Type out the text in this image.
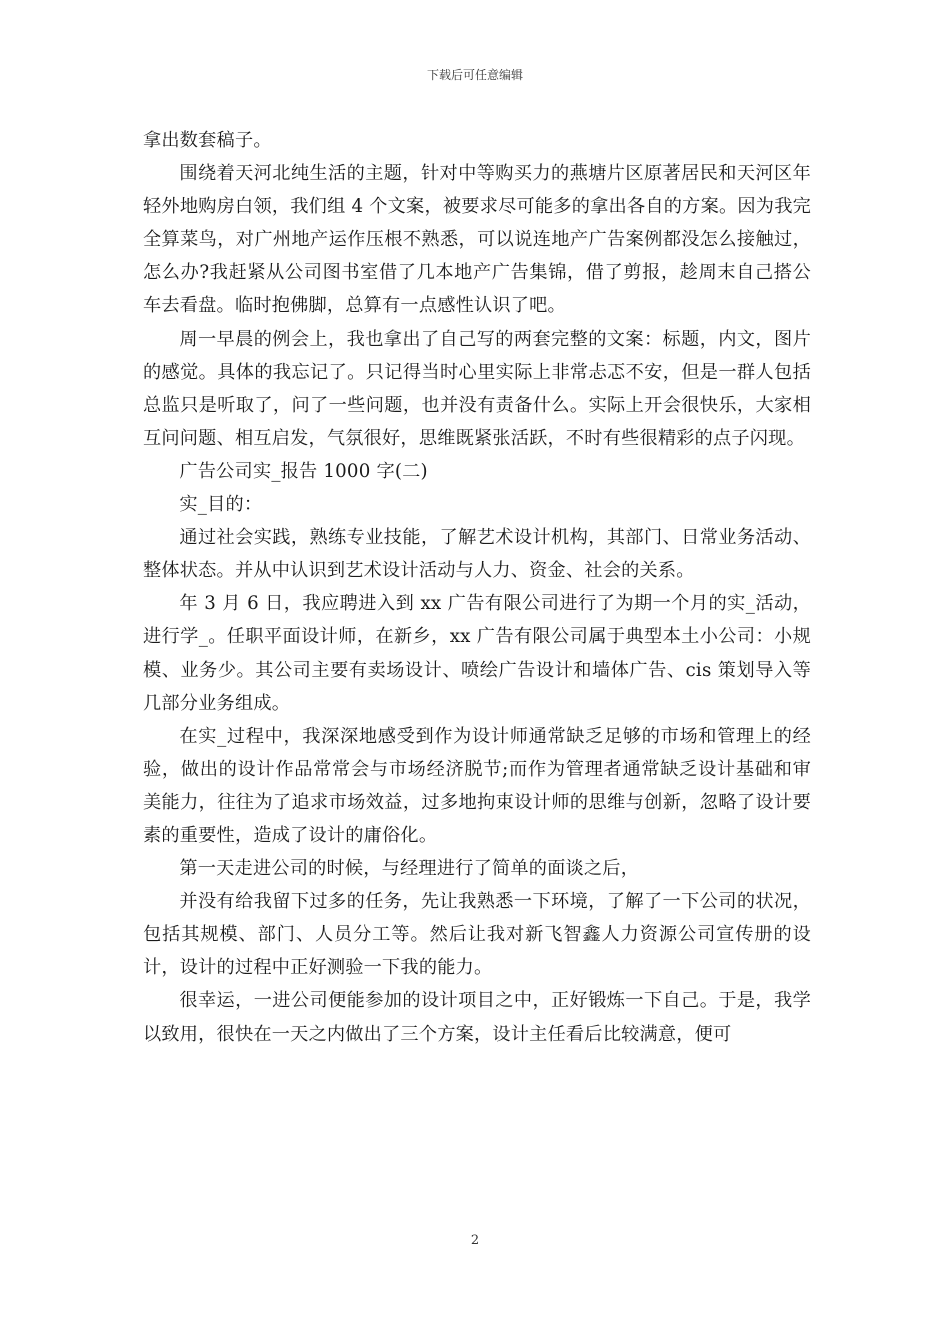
下载后可任意编辑

拿出数套稿子。

围绕着天河北纯生活的主题，针对中等购买力的燕塘片区原著居民和天河区年轻外地购房白领，我们组 4 个文案，被要求尽可能多的拿出各自的方案。因为我完全算菜鸟，对广州地产运作压根不熟悉，可以说连地产广告案例都没怎么接触过，怎么办?我赶紧从公司图书室借了几本地产广告集锦，借了剪报，趁周末自己搭公车去看盘。临时抱佛脚，总算有一点感性认识了吧。

周一早晨的例会上，我也拿出了自己写的两套完整的文案：标题，内文，图片的感觉。具体的我忘记了。只记得当时心里实际上非常忐忑不安，但是一群人包括总监只是听取了，问了一些问题，也并没有责备什么。实际上开会很快乐，大家相互问问题、相互启发，气氛很好，思维既紧张活跃，不时有些很精彩的点子闪现。

广告公司实_报告 1000 字(二)

实_目的：

通过社会实践，熟练专业技能，了解艺术设计机构，其部门、日常业务活动、整体状态。并从中认识到艺术设计活动与人力、资金、社会的关系。

年 3 月 6 日，我应聘进入到 xx 广告有限公司进行了为期一个月的实_活动，进行学_。任职平面设计师，在新乡，xx 广告有限公司属于典型本土小公司：小规模、业务少。其公司主要有卖场设计、喷绘广告设计和墙体广告、cis 策划导入等几部分业务组成。

在实_过程中，我深深地感受到作为设计师通常缺乏足够的市场和管理上的经验，做出的设计作品常常会与市场经济脱节;而作为管理者通常缺乏设计基础和审美能力，往往为了追求市场效益，过多地拘束设计师的思维与创新，忽略了设计要素的重要性，造成了设计的庸俗化。

第一天走进公司的时候，与经理进行了简单的面谈之后，

并没有给我留下过多的任务，先让我熟悉一下环境，了解了一下公司的状况，包括其规模、部门、人员分工等。然后让我对新飞智鑫人力资源公司宣传册的设计，设计的过程中正好测验一下我的能力。

很幸运，一进公司便能参加的设计项目之中，正好锻炼一下自己。于是，我学以致用，很快在一天之内做出了三个方案，设计主任看后比较满意，便可

2
